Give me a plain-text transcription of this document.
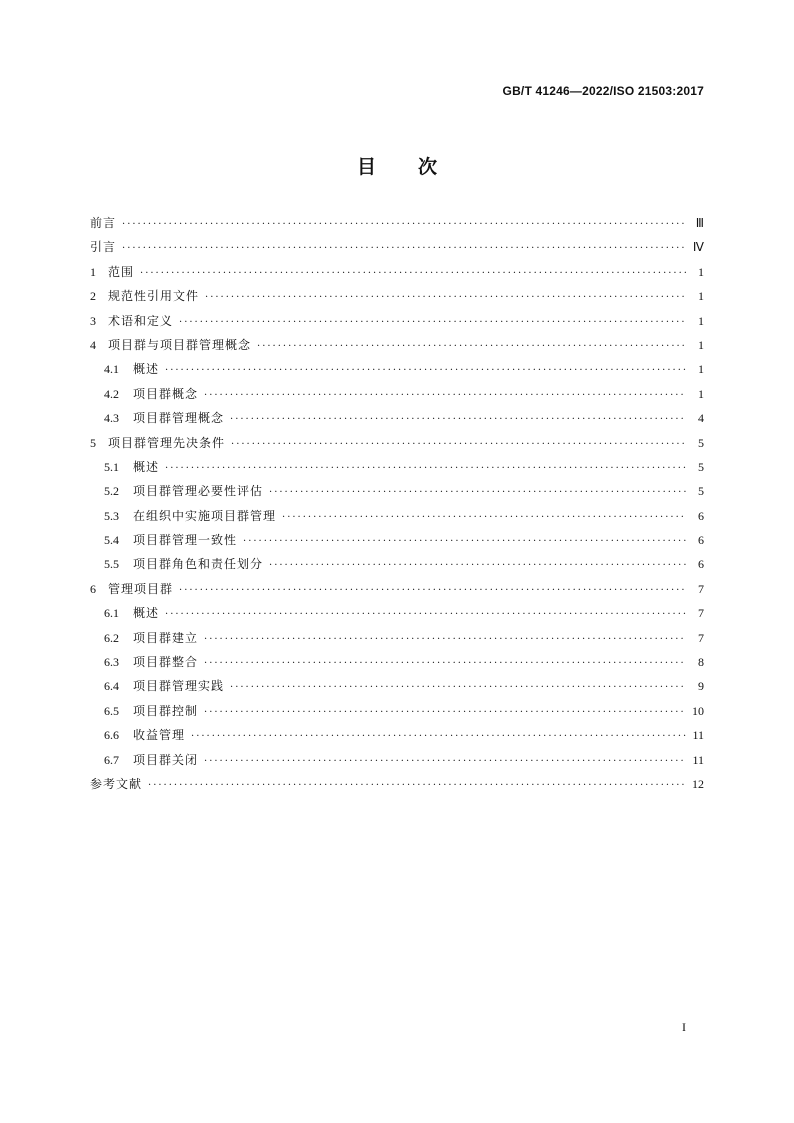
GB/T 41246—2022/ISO 21503:2017
目 次
前言 ·····	Ⅲ
引言 ·····	Ⅳ
1 范围 ·····	1
2 规范性引用文件 ·····	1
3 术语和定义 ·····	1
4 项目群与项目群管理概念 ·····	1
4.1 概述 ·····	1
4.2 项目群概念 ·····	1
4.3 项目群管理概念 ·····	4
5 项目群管理先决条件 ·····	5
5.1 概述 ·····	5
5.2 项目群管理必要性评估 ·····	5
5.3 在组织中实施项目群管理 ·····	6
5.4 项目群管理一致性 ·····	6
5.5 项目群角色和责任划分 ·····	6
6 管理项目群 ·····	7
6.1 概述 ·····	7
6.2 项目群建立 ·····	7
6.3 项目群整合 ·····	8
6.4 项目群管理实践 ·····	9
6.5 项目群控制 ·····	10
6.6 收益管理 ·····	11
6.7 项目群关闭 ·····	11
参考文献 ·····	12
I
